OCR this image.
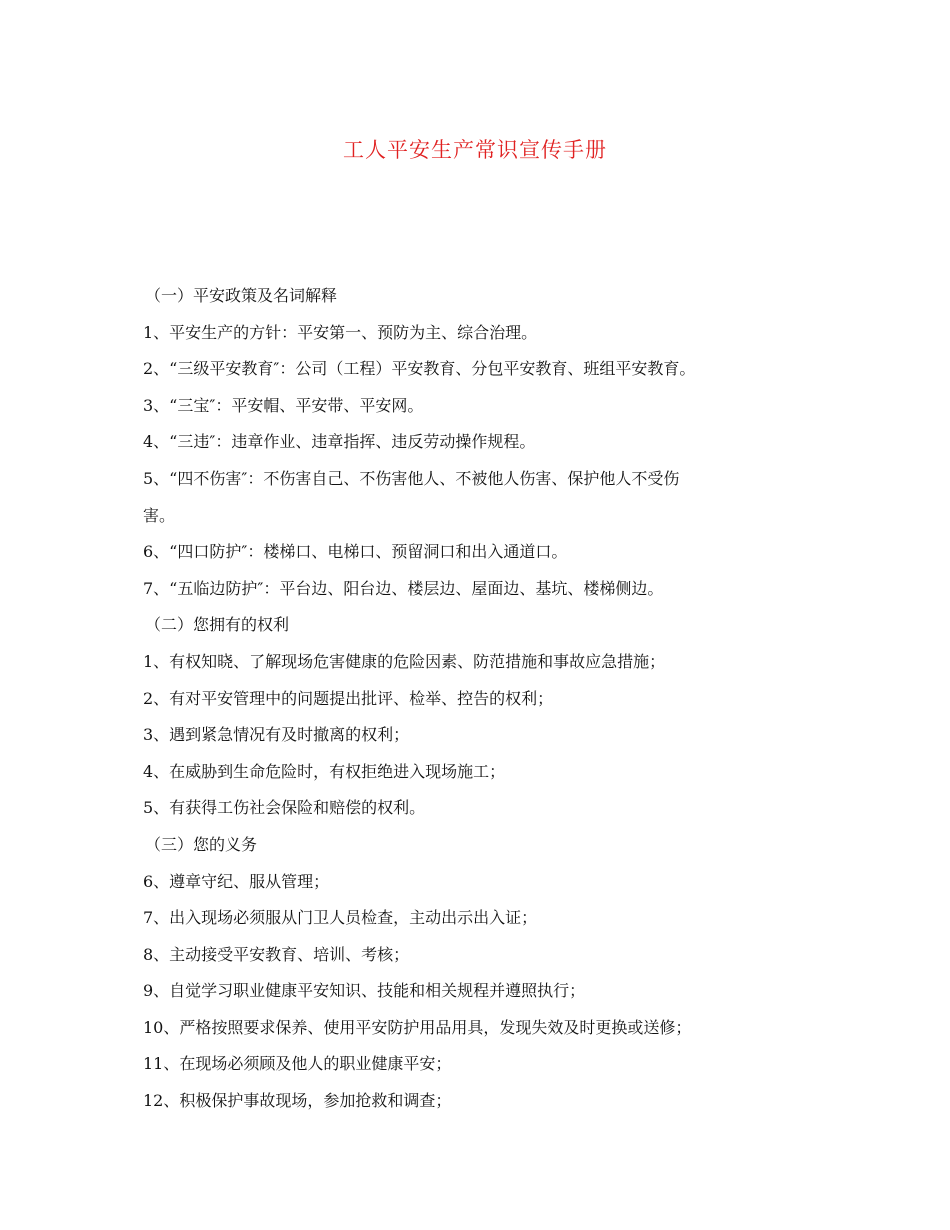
工人平安生产常识宣传手册
（一）平安政策及名词解释
1、平安生产的方针：平安第一、预防为主、综合治理。
2、“三级平安教育″：公司（工程）平安教育、分包平安教育、班组平安教育。
3、“三宝″：平安帽、平安带、平安网。
4、“三违″：违章作业、违章指挥、违反劳动操作规程。
5、“四不伤害″：不伤害自己、不伤害他人、不被他人伤害、保护他人不受伤
害。
6、“四口防护″：楼梯口、电梯口、预留洞口和出入通道口。
7、“五临边防护″：平台边、阳台边、楼层边、屋面边、基坑、楼梯侧边。
（二）您拥有的权利
1、有权知晓、了解现场危害健康的危险因素、防范措施和事故应急措施；
2、有对平安管理中的问题提出批评、检举、控告的权利；
3、遇到紧急情况有及时撤离的权利；
4、在威胁到生命危险时，有权拒绝进入现场施工；
5、有获得工伤社会保险和赔偿的权利。
（三）您的义务
6、遵章守纪、服从管理；
7、出入现场必须服从门卫人员检查，主动出示出入证；
8、主动接受平安教育、培训、考核；
9、自觉学习职业健康平安知识、技能和相关规程并遵照执行；
10、严格按照要求保养、使用平安防护用品用具，发现失效及时更换或送修；
11、在现场必须顾及他人的职业健康平安；
12、积极保护事故现场，参加抢救和调查；
